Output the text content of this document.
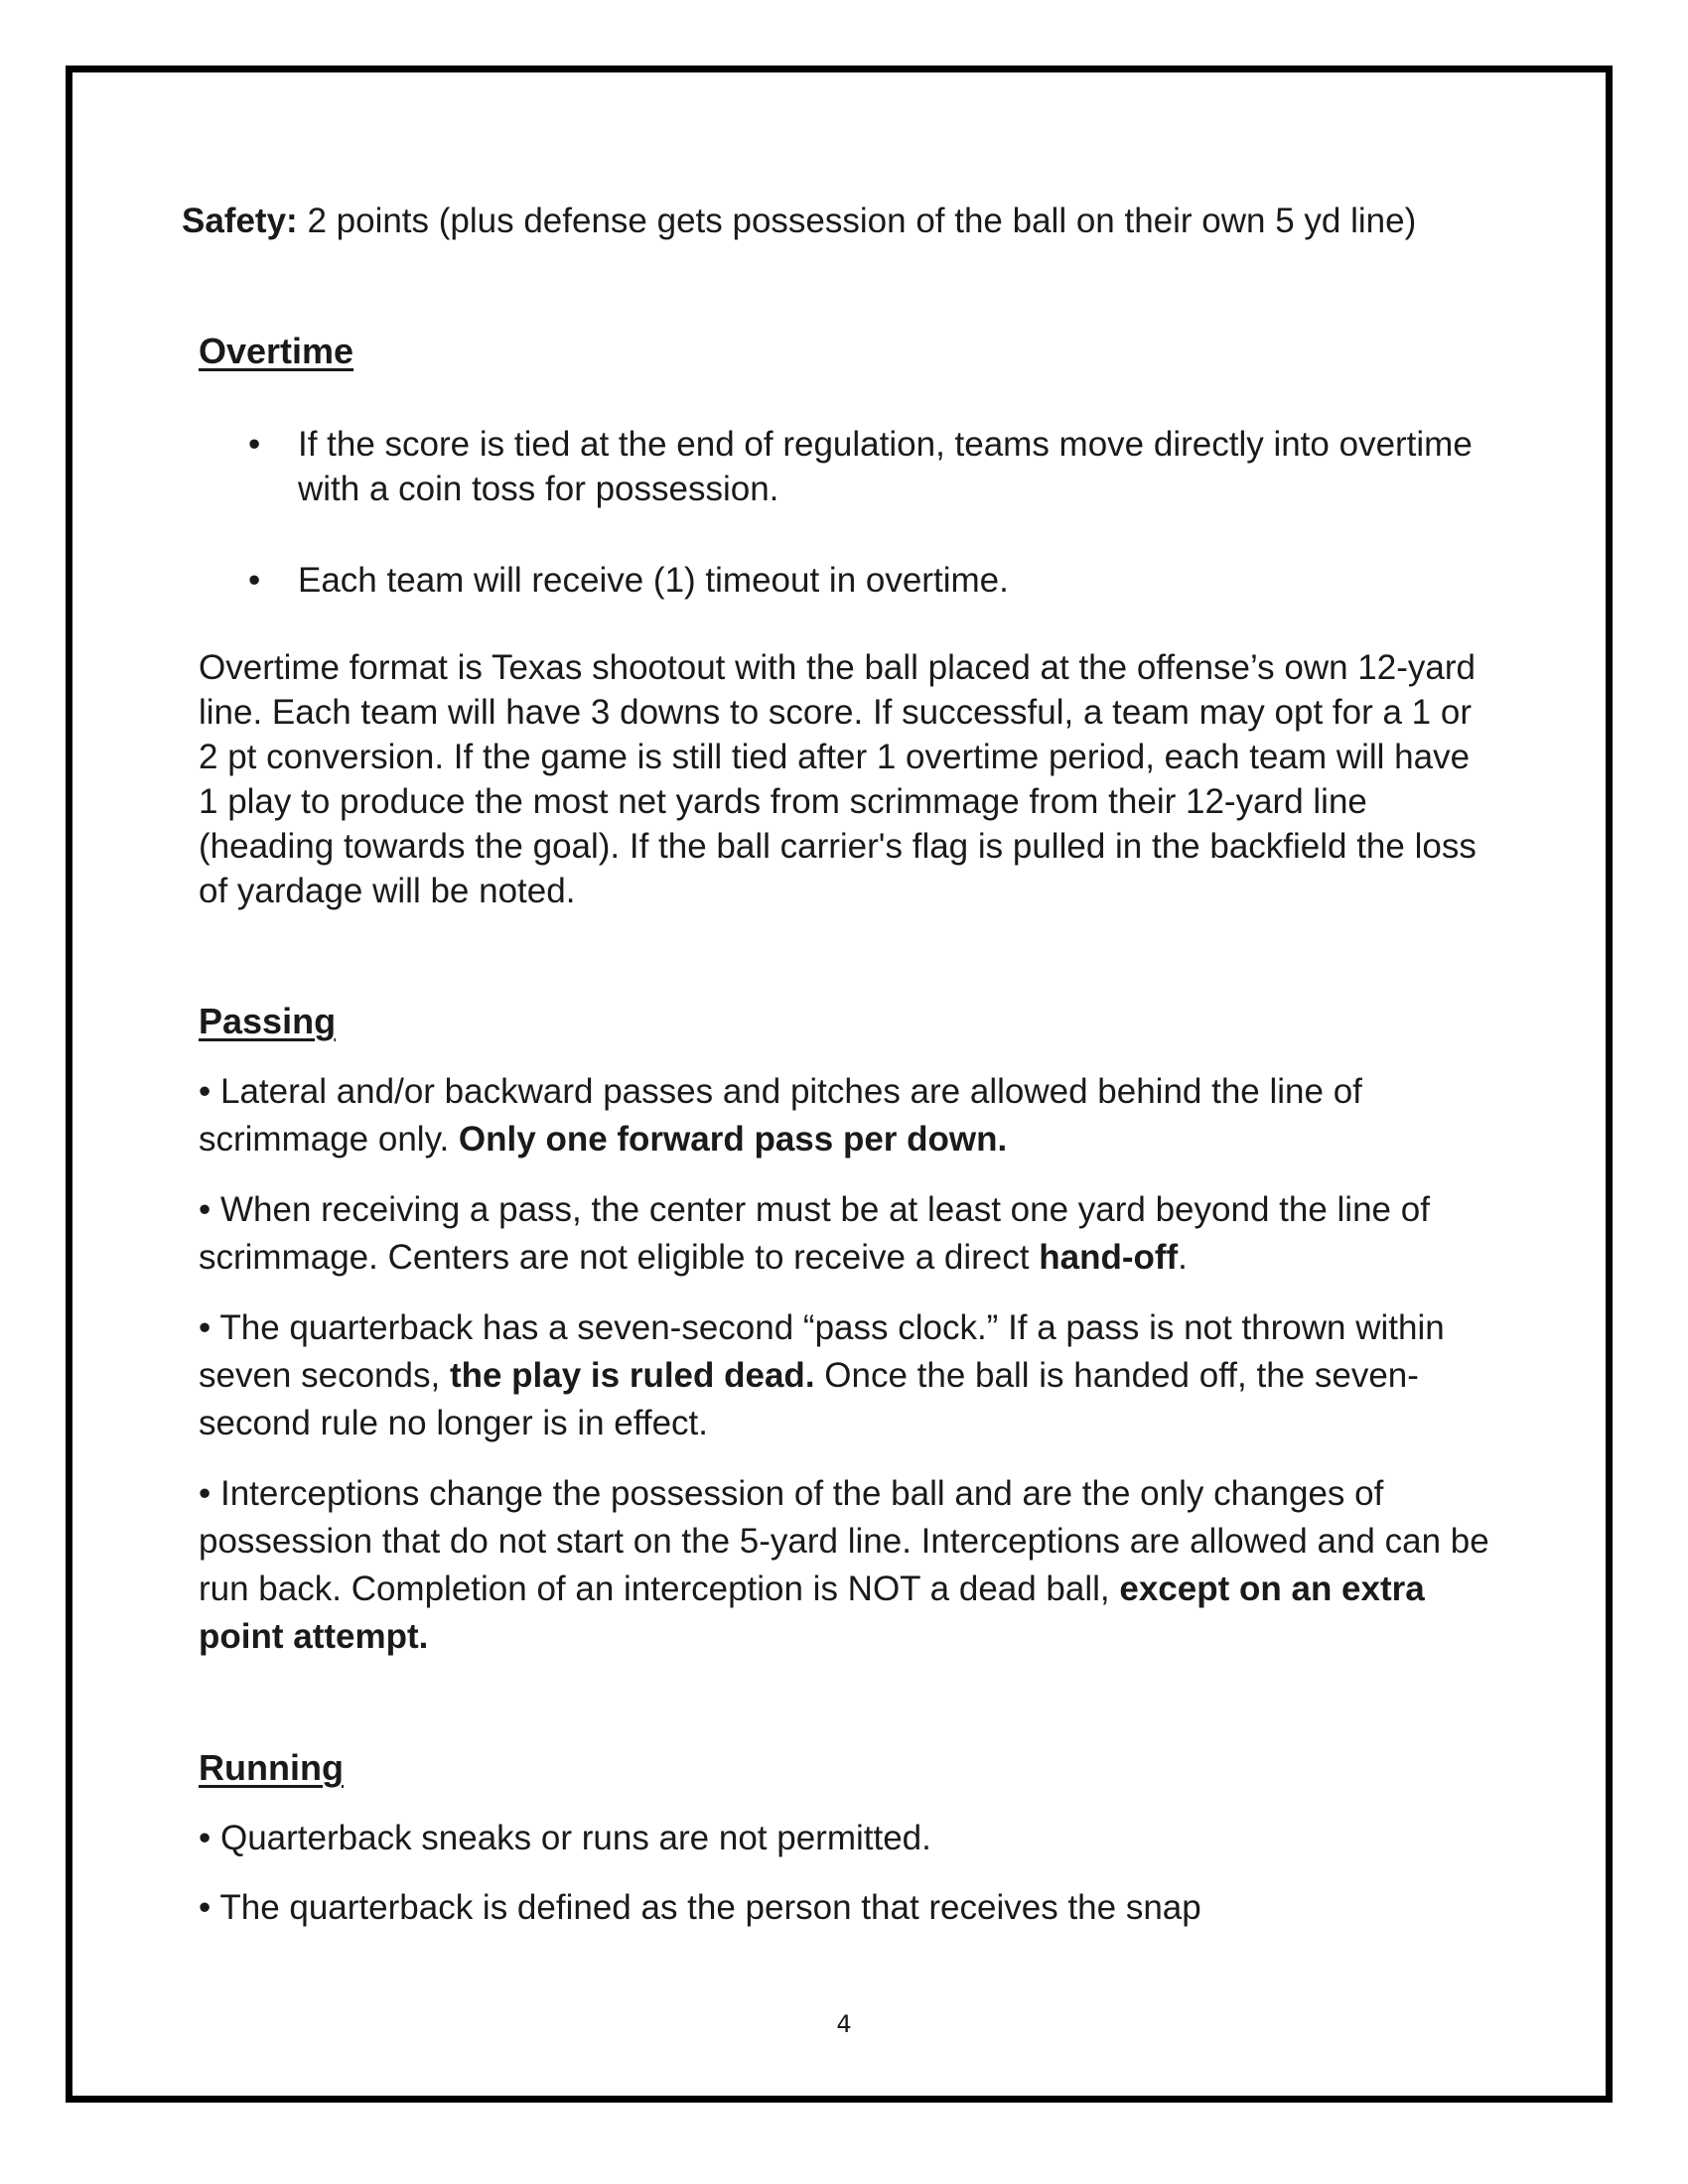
Safety: 2 points (plus defense gets possession of the ball on their own 5 yd line)
Overtime
• If the score is tied at the end of regulation, teams move directly into overtime with a coin toss for possession.
• Each team will receive (1) timeout in overtime.
Overtime format is Texas shootout with the ball placed at the offense’s own 12-yard line. Each team will have 3 downs to score. If successful, a team may opt for a 1 or 2 pt conversion. If the game is still tied after 1 overtime period, each team will have 1 play to produce the most net yards from scrimmage from their 12-yard line (heading towards the goal). If the ball carrier's flag is pulled in the backfield the loss of yardage will be noted.
Passing
• Lateral and/or backward passes and pitches are allowed behind the line of scrimmage only. Only one forward pass per down.
• When receiving a pass, the center must be at least one yard beyond the line of scrimmage. Centers are not eligible to receive a direct hand-off.
• The quarterback has a seven-second “pass clock.” If a pass is not thrown within seven seconds, the play is ruled dead. Once the ball is handed off, the seven-second rule no longer is in effect.
• Interceptions change the possession of the ball and are the only changes of possession that do not start on the 5-yard line. Interceptions are allowed and can be run back. Completion of an interception is NOT a dead ball, except on an extra point attempt.
Running
• Quarterback sneaks or runs are not permitted.
• The quarterback is defined as the person that receives the snap
4
